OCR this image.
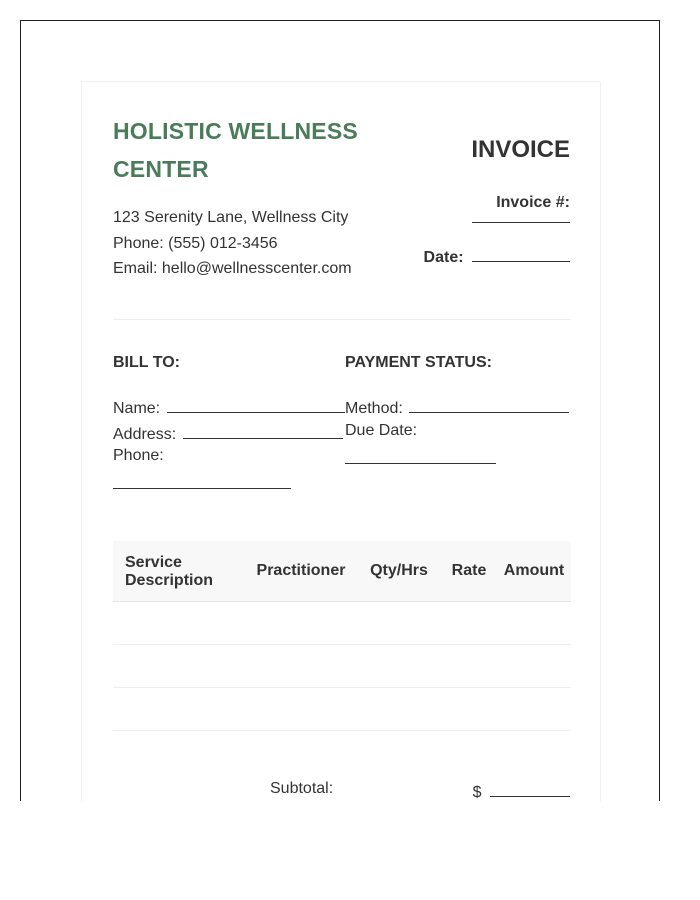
HOLISTIC WELLNESS CENTER
123 Serenity Lane, Wellness City
Phone: (555) 012-3456
Email: hello@wellnesscenter.com
INVOICE
Invoice #:
Date:
BILL TO:
Name:
Address:
Phone:
PAYMENT STATUS:
Method:
Due Date:
Service Description	Practitioner	Qty/Hrs	Rate	Amount

Subtotal:	$
